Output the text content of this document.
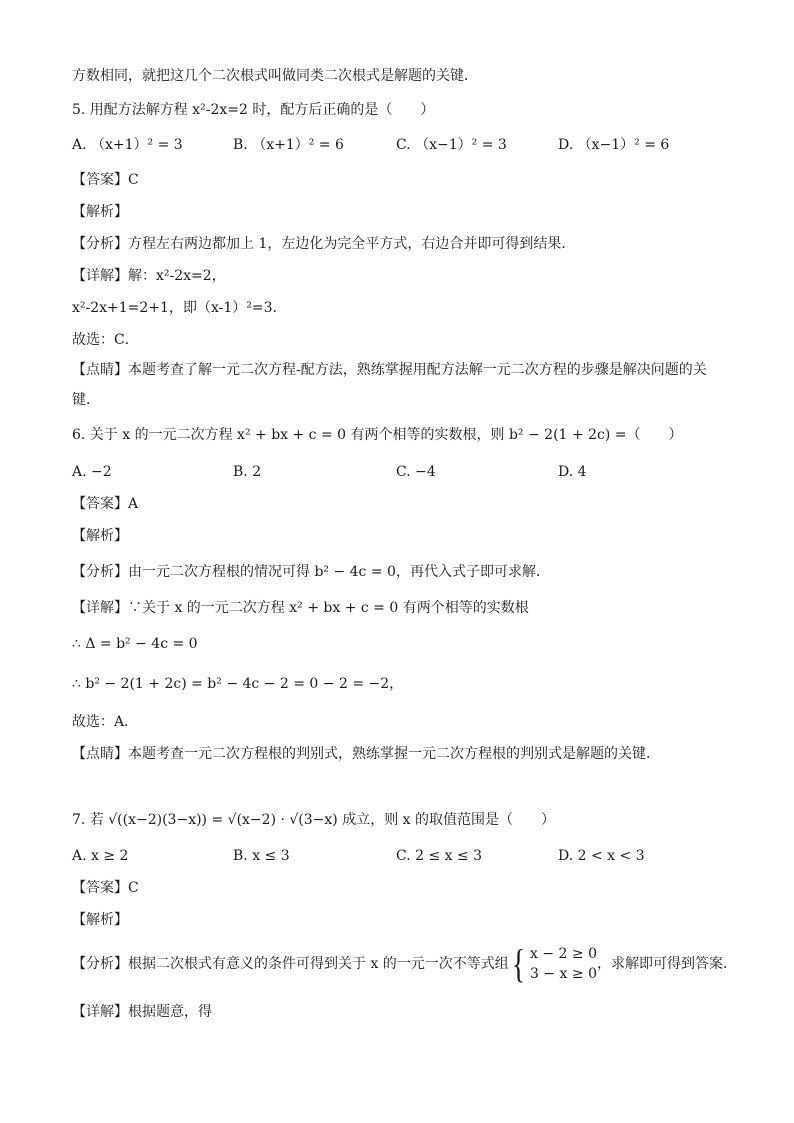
方数相同，就把这几个二次根式叫做同类二次根式是解题的关键．
5. 用配方法解方程 x²-2x=2 时，配方后正确的是（　　）
A. （x+1）² = 3	B. （x+1）² = 6	C. （x−1）² = 3	D. （x−1）² = 6
【答案】C
【解析】
【分析】方程左右两边都加上 1，左边化为完全平方式，右边合并即可得到结果．
【详解】解：x²-2x=2，
x²-2x+1=2+1，即（x-1）²=3．
故选：C．
【点睛】本题考查了解一元二次方程-配方法，熟练掌握用配方法解一元二次方程的步骤是解决问题的关
键．
6. 关于 x 的一元二次方程 x² + bx + c = 0 有两个相等的实数根，则 b² − 2(1 + 2c) =（　　）
A. −2	B. 2	C. −4	D. 4
【答案】A
【解析】
【分析】由一元二次方程根的情况可得 b² − 4c = 0，再代入式子即可求解．
【详解】∵关于 x 的一元二次方程 x² + bx + c = 0 有两个相等的实数根
∴ Δ = b² − 4c = 0
∴ b² − 2(1 + 2c) = b² − 4c − 2 = 0 − 2 = −2，
故选：A．
【点睛】本题考查一元二次方程根的判别式，熟练掌握一元二次方程根的判别式是解题的关键．
7. 若 √((x−2)(3−x)) = √(x−2) · √(3−x) 成立，则 x 的取值范围是（　　）
A. x ≥ 2	B. x ≤ 3	C. 2 ≤ x ≤ 3	D. 2 < x < 3
【答案】C
【解析】
【分析】根据二次根式有意义的条件可得到关于 x 的一元一次不等式组 { x − 2 ≥ 0
3 − x ≥ 0
，求解即可得到答案．
【详解】根据题意，得
